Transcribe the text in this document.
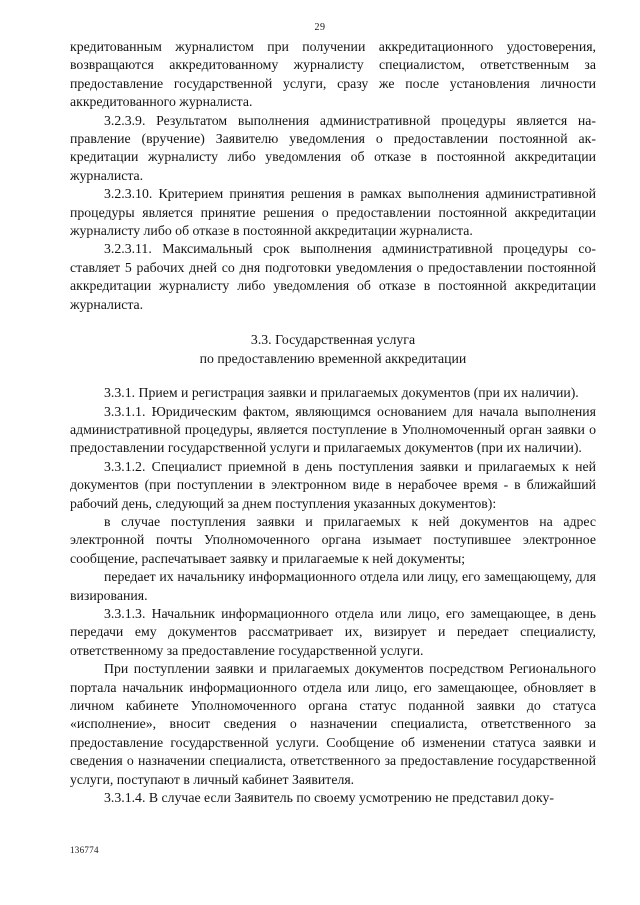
29

кредитованным журналистом при получении аккредитационного удостоверения, возвращаются аккредитованному журналисту специалистом, ответственным за предоставление государственной услуги, сразу же после установления личности аккредитованного журналиста.

3.2.3.9. Результатом выполнения административной процедуры является направление (вручение) Заявителю уведомления о предоставлении постоянной аккредитации журналисту либо уведомления об отказе в постоянной аккредитации журналиста.

3.2.3.10. Критерием принятия решения в рамках выполнения административной процедуры является принятие решения о предоставлении постоянной аккредитации журналисту либо об отказе в постоянной аккредитации журналиста.

3.2.3.11. Максимальный срок выполнения административной процедуры составляет 5 рабочих дней со дня подготовки уведомления о предоставлении постоянной аккредитации журналисту либо уведомления об отказе в постоянной аккредитации журналиста.

3.3. Государственная услуга
по предоставлению временной аккредитации

3.3.1. Прием и регистрация заявки и прилагаемых документов (при их наличии).

3.3.1.1. Юридическим фактом, являющимся основанием для начала выполнения административной процедуры, является поступление в Уполномоченный орган заявки о предоставлении государственной услуги и прилагаемых документов (при их наличии).

3.3.1.2. Специалист приемной в день поступления заявки и прилагаемых к ней документов (при поступлении в электронном виде в нерабочее время - в ближайший рабочий день, следующий за днем поступления указанных документов):

в случае поступления заявки и прилагаемых к ней документов на адрес электронной почты Уполномоченного органа изымает поступившее электронное сообщение, распечатывает заявку и прилагаемые к ней документы;

передает их начальнику информационного отдела или лицу, его замещающему, для визирования.

3.3.1.3. Начальник информационного отдела или лицо, его замещающее, в день передачи ему документов рассматривает их, визирует и передает специалисту, ответственному за предоставление государственной услуги.

При поступлении заявки и прилагаемых документов посредством Регионального портала начальник информационного отдела или лицо, его замещающее, обновляет в личном кабинете Уполномоченного органа статус поданной заявки до статуса «исполнение», вносит сведения о назначении специалиста, ответственного за предоставление государственной услуги. Сообщение об изменении статуса заявки и сведения о назначении специалиста, ответственного за предоставление государственной услуги, поступают в личный кабинет Заявителя.

3.3.1.4. В случае если Заявитель по своему усмотрению не представил доку-

136774
